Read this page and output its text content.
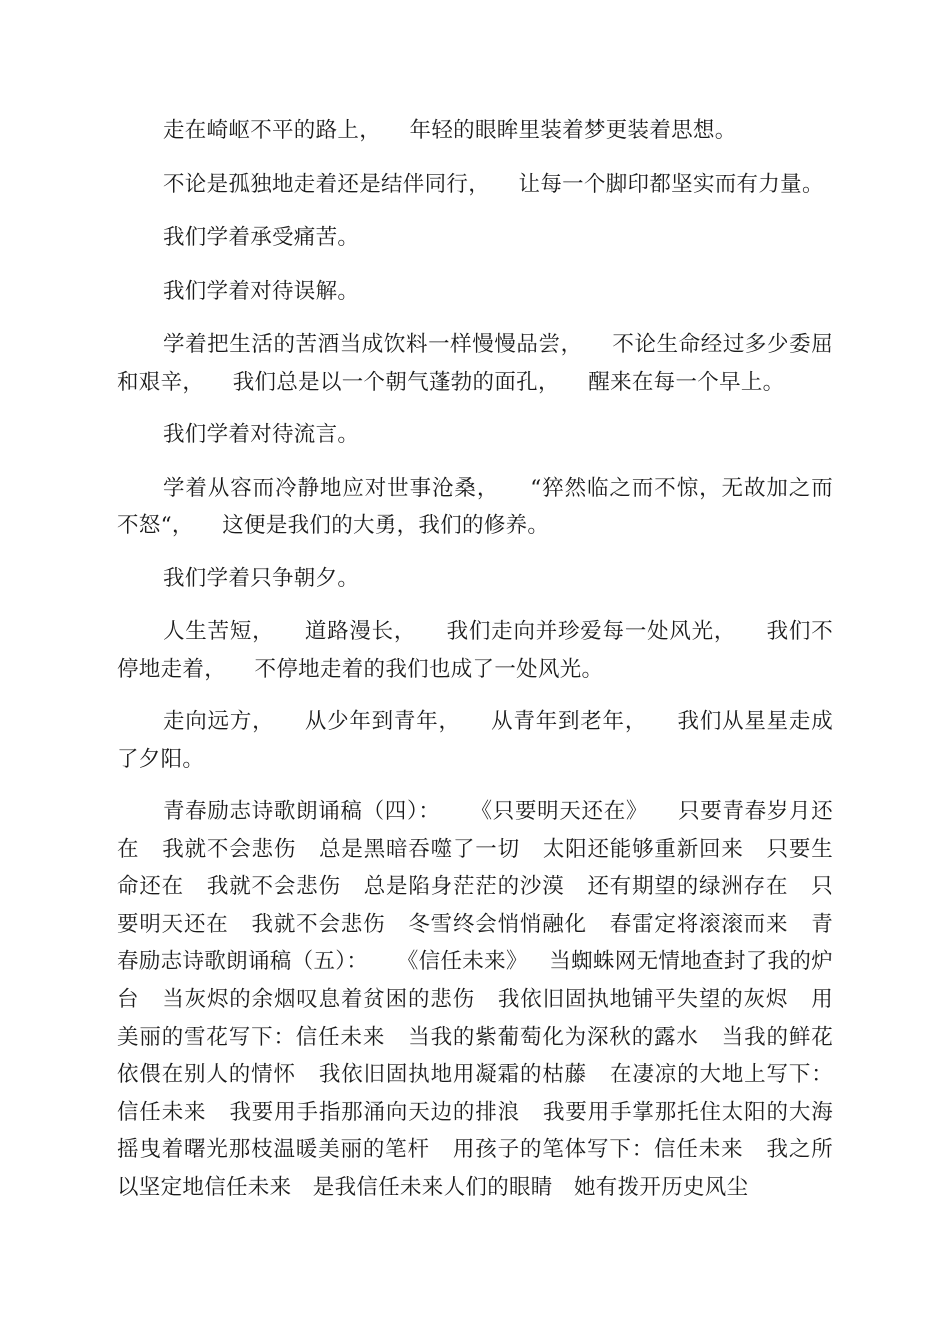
走在崎岖不平的路上，    年轻的眼眸里装着梦更装着思想。

不论是孤独地走着还是结伴同行，    让每一个脚印都坚实而有力量。

我们学着承受痛苦。

我们学着对待误解。

学着把生活的苦酒当成饮料一样慢慢品尝，    不论生命经过多少委屈和艰辛，    我们总是以一个朝气蓬勃的面孔，    醒来在每一个早上。

我们学着对待流言。

学着从容而冷静地应对世事沧桑，    “猝然临之而不惊，无故加之而不怒“，    这便是我们的大勇，我们的修养。

我们学着只争朝夕。

人生苦短，    道路漫长，    我们走向并珍爱每一处风光，    我们不停地走着，    不停地走着的我们也成了一处风光。

走向远方，    从少年到青年，    从青年到老年，    我们从星星走成了夕阳。

青春励志诗歌朗诵稿（四）：    《只要明天还在》    只要青春岁月还在   我就不会悲伤   总是黑暗吞噬了一切   太阳还能够重新回来   只要生命还在   我就不会悲伤   总是陷身茫茫的沙漠   还有期望的绿洲存在   只要明天还在   我就不会悲伤   冬雪终会悄悄融化   春雷定将滚滚而来   青春励志诗歌朗诵稿（五）：    《信任未来》   当蜘蛛网无情地查封了我的炉台   当灰烬的余烟叹息着贫困的悲伤   我依旧固执地铺平失望的灰烬   用美丽的雪花写下：信任未来   当我的紫葡萄化为深秋的露水   当我的鲜花依偎在别人的情怀   我依旧固执地用凝霜的枯藤   在凄凉的大地上写下：信任未来   我要用手指那涌向天边的排浪   我要用手掌那托住太阳的大海   摇曳着曙光那枝温暖美丽的笔杆   用孩子的笔体写下：信任未来   我之所以坚定地信任未来   是我信任未来人们的眼睛   她有拨开历史风尘
